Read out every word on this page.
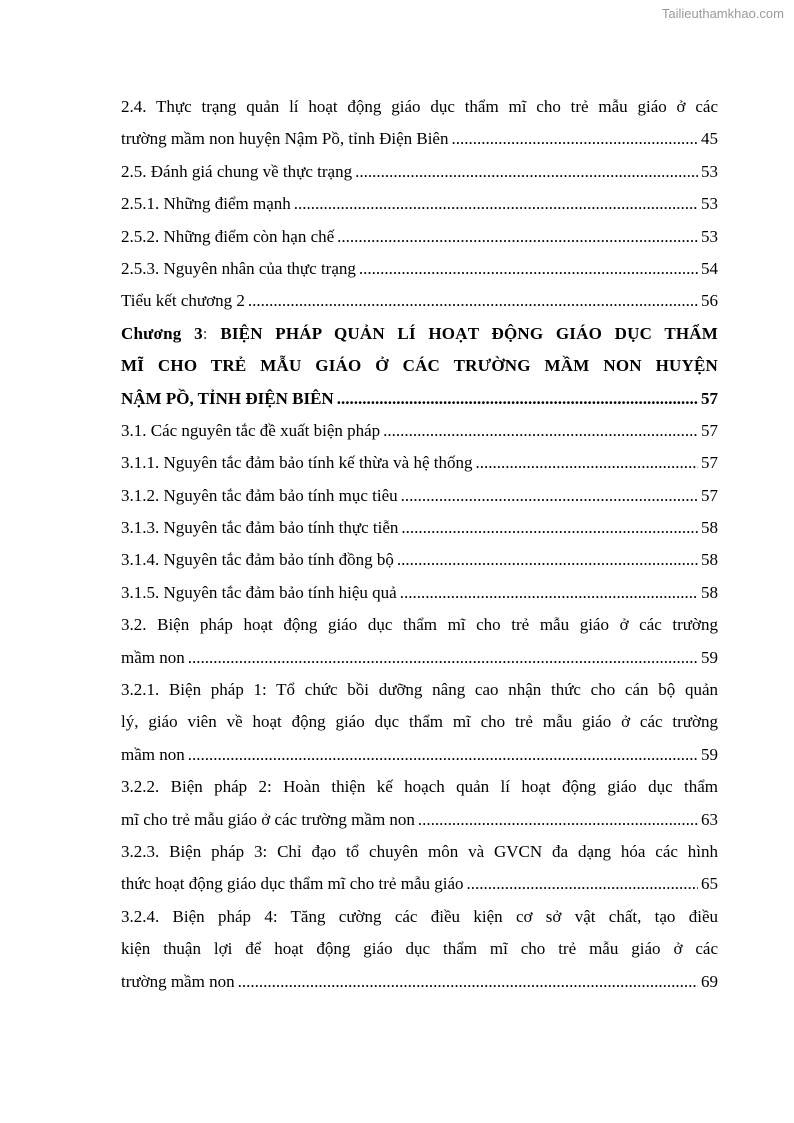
Tailieuthamkhao.com
2.4. Thực trạng quản lí hoạt động giáo dục thẩm mĩ cho trẻ mẫu giáo ở các
trường mầm non huyện Nậm Pồ, tỉnh Điện Biên .....	45
2.5. Đánh giá chung về thực trạng .....	53
2.5.1. Những điểm mạnh .....	53
2.5.2. Những điểm còn hạn chế .....	53
2.5.3. Nguyên nhân của thực trạng .....	54
Tiểu kết chương 2 .....	56
Chương 3: BIỆN PHÁP QUẢN LÍ HOẠT ĐỘNG GIÁO DỤC THẨM
MĨ CHO TRẺ MẪU GIÁO Ở CÁC TRƯỜNG MẦM NON HUYỆN
NẬM PỒ, TỈNH ĐIỆN BIÊN .....	57
3.1. Các nguyên tắc đề xuất biện pháp .....	57
3.1.1. Nguyên tắc đảm bảo tính kế thừa và hệ thống .....	57
3.1.2. Nguyên tắc đảm bảo tính mục tiêu .....	57
3.1.3. Nguyên tắc đảm bảo tính thực tiễn .....	58
3.1.4. Nguyên tắc đảm bảo tính đồng bộ .....	58
3.1.5. Nguyên tắc đảm bảo tính hiệu quả .....	58
3.2. Biện pháp hoạt động giáo dục thẩm mĩ cho trẻ mẫu giáo ở các trường
mầm non .....	59
3.2.1. Biện pháp 1: Tổ chức bồi dưỡng nâng cao nhận thức cho cán bộ quản
lý, giáo viên về hoạt động giáo dục thẩm mĩ cho trẻ mẫu giáo ở các trường
mầm non .....	59
3.2.2. Biện pháp 2: Hoàn thiện kế hoạch quản lí hoạt động giáo dục thẩm
mĩ cho trẻ mẫu giáo ở các trường mầm non .....	63
3.2.3. Biện pháp 3: Chỉ đạo tổ chuyên môn và GVCN đa dạng hóa các hình
thức hoạt động giáo dục thẩm mĩ cho trẻ mẫu giáo .....	65
3.2.4. Biện pháp 4: Tăng cường các điều kiện cơ sở vật chất, tạo điều
kiện thuận lợi để hoạt động giáo dục thẩm mĩ cho trẻ mẫu giáo ở các
trường mầm non .....	69
